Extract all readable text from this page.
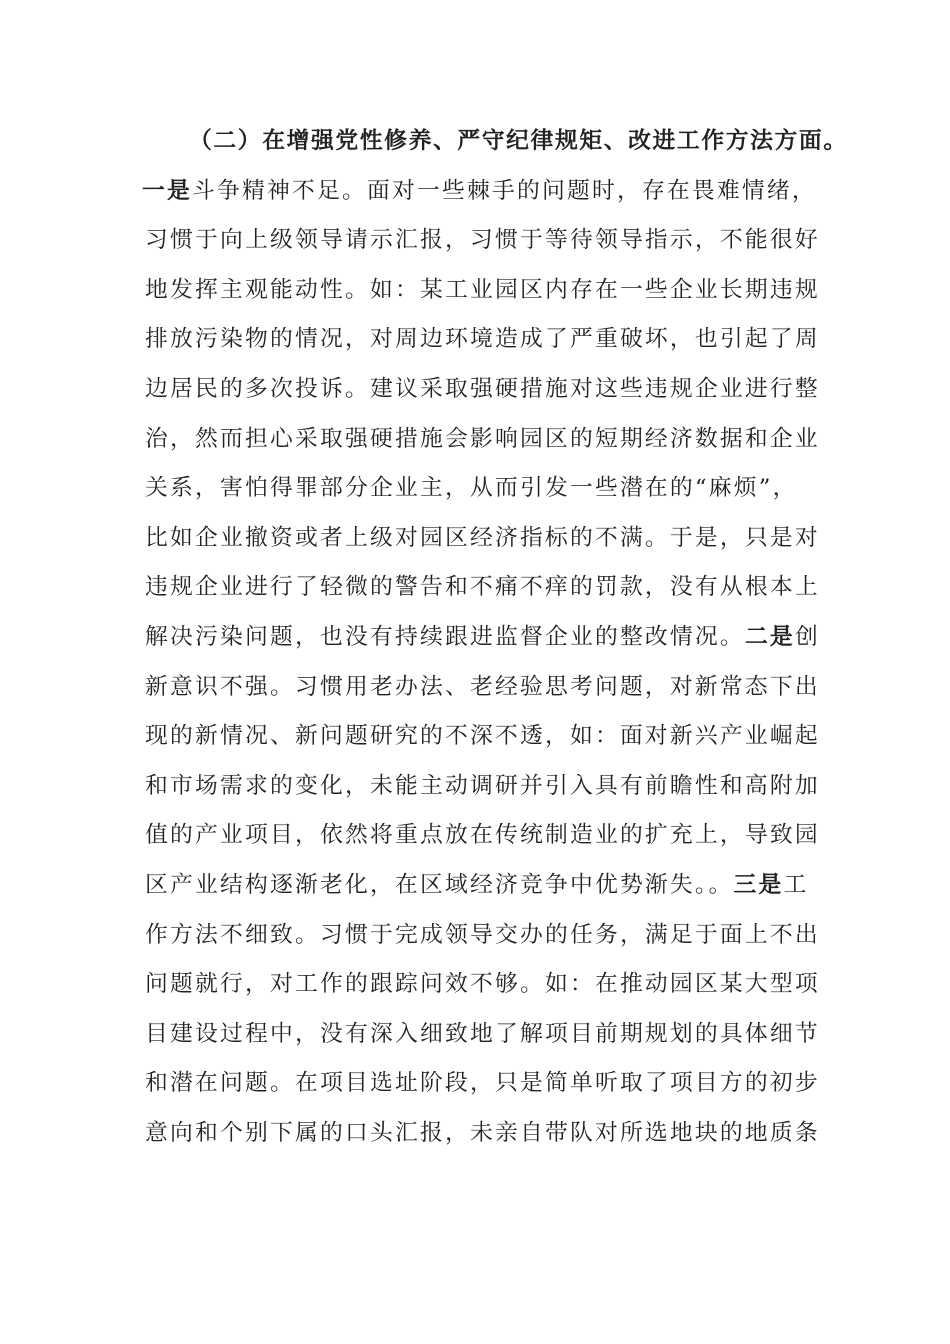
（二）在增强党性修养、严守纪律规矩、改进工作方法方面。
一是斗争精神不足。面对一些棘手的问题时，存在畏难情绪，
习惯于向上级领导请示汇报，习惯于等待领导指示，不能很好
地发挥主观能动性。如：某工业园区内存在一些企业长期违规
排放污染物的情况，对周边环境造成了严重破坏，也引起了周
边居民的多次投诉。建议采取强硬措施对这些违规企业进行整
治，然而担心采取强硬措施会影响园区的短期经济数据和企业
关系，害怕得罪部分企业主，从而引发一些潜在的“麻烦”，
比如企业撤资或者上级对园区经济指标的不满。于是，只是对
违规企业进行了轻微的警告和不痛不痒的罚款，没有从根本上
解决污染问题，也没有持续跟进监督企业的整改情况。二是创
新意识不强。习惯用老办法、老经验思考问题，对新常态下出
现的新情况、新问题研究的不深不透，如：面对新兴产业崛起
和市场需求的变化，未能主动调研并引入具有前瞻性和高附加
值的产业项目，依然将重点放在传统制造业的扩充上，导致园
区产业结构逐渐老化，在区域经济竞争中优势渐失。。三是工
作方法不细致。习惯于完成领导交办的任务，满足于面上不出
问题就行，对工作的跟踪问效不够。如：在推动园区某大型项
目建设过程中，没有深入细致地了解项目前期规划的具体细节
和潜在问题。在项目选址阶段，只是简单听取了项目方的初步
意向和个别下属的口头汇报，未亲自带队对所选地块的地质条
